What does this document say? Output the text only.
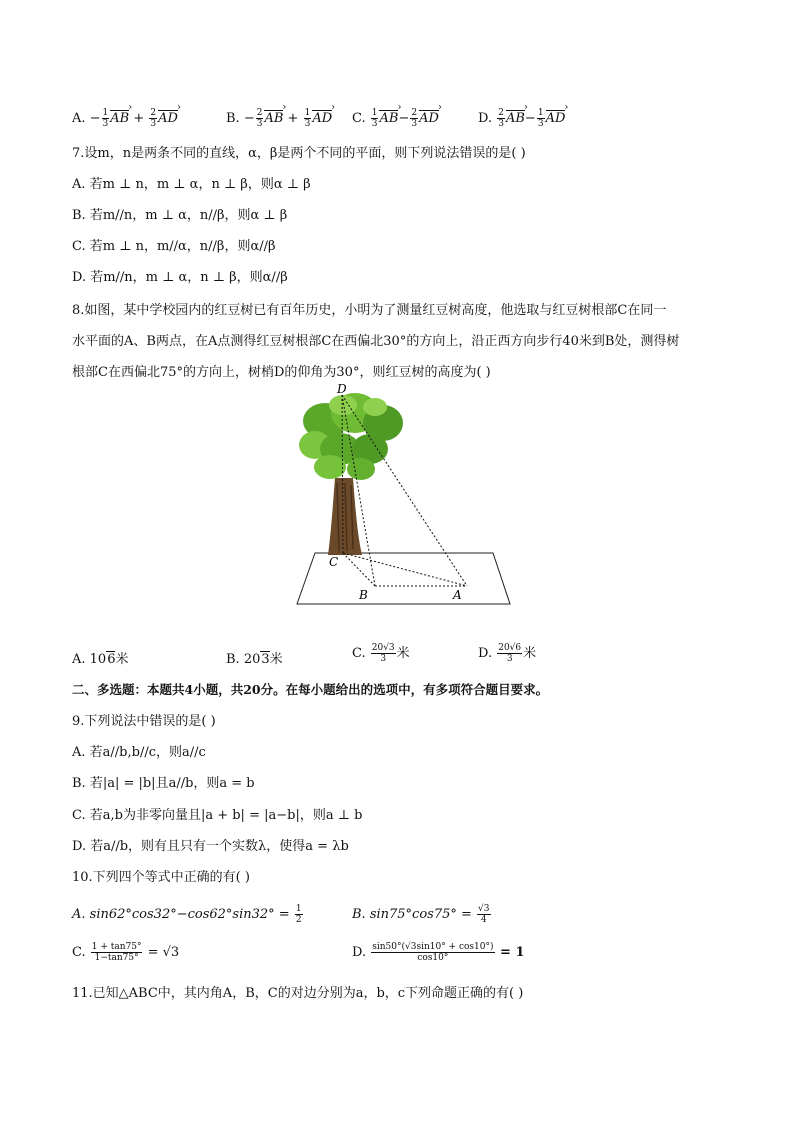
A. − $\frac{1}{3}$ AB › + $\frac{2}{3}$ AD ›	B. − $\frac{2}{3}$ AB › + $\frac{1}{3}$ AD › C. $\frac{1}{3}$ AB ›− $\frac{2}{3}$ AD ›	D. $\frac{2}{3}$ AB ›− $\frac{1}{3}$ AD ›
7.设m，n是两条不同的直线，α，β是两个不同的平面，则下列说法错误的是( )
A. 若m ⊥ n，m ⊥ α，n ⊥ β，则α ⊥ β
B. 若m//n，m ⊥ α，n//β，则α ⊥ β
C. 若m ⊥ n，m//α，n//β，则α//β
D. 若m//n，m ⊥ α，n ⊥ β，则α//β
8.如图，某中学校园内的红豆树已有百年历史，小明为了测量红豆树高度，他选取与红豆树根部C在同一
水平面的A、B两点，在A点测得红豆树根部C在西偏北30°的方向上，沿正西方向步行40米到B处，测得树
根部C在西偏北75°的方向上，树梢D的仰角为30°，则红豆树的高度为( )
D
C
B	A
A. 106米	B. 203米	C. $\frac{20√3}{3}$ 米	D. $\frac{20√6}{3}$ 米
二、多选题：本题共4小题，共20分。在每小题给出的选项中，有多项符合题目要求。
9.下列说法中错误的是( )
A. 若a//b,b//c，则a//c
B. 若|a| = |b|且a//b，则a = b
C. 若a,b为非零向量且|a + b| = |a−b|，则a ⊥ b
D. 若a//b，则有且只有一个实数λ，使得a = λb
10.下列四个等式中正确的有( )
A. $\sin 62^\circ\cos 32^\circ-\cos 62^\circ\sin 32^\circ = \frac{1}{2}$	B. $\sin 75^\circ\cos 75^\circ = \frac{√3}{4}$
C. $\frac{1 + \tan 75^\circ}{1-\tan 75^\circ} = √3$	D. $\frac{\sin 50^\circ(√3\sin 10^\circ + \cos 10^\circ)}{\cos 10^\circ} = 1$
11.已知△ABC中，其内角A，B，C的对边分别为a，b，c下列命题正确的有( )
